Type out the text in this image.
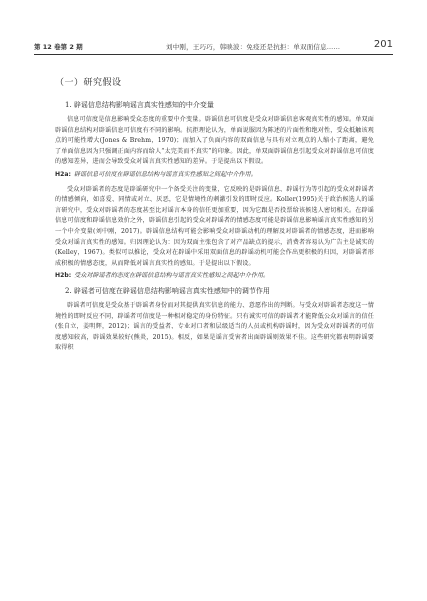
第 12 卷第 2 期	刘中刚，王巧巧，韩映波：免疫还是抗拒：单双面信息……	201
（一）研究假设
1. 辟谣信息结构影响谣言真实性感知的中介变量

信息可信度是信息影响受众态度的重要中介变量。辟谣信息可信度是受众对辟谣信息客观真实性的感知。单双面辟谣信息结构对辟谣信息可信度有不同的影响。抗拒理论认为，单面说服因为陈述的片面性和绝对性，受众抵触该观点的可能性增大(Jones & Brehm，1970)；而加入了负面内容的双面信息与具有对立观点的人缩小了距离，避免了单面信息因为只强调正面内容而给人“太完美而不真实”的印象。因此，单双面辟谣信息引起受众对辟谣信息可信度的感知差异，进而会导致受众对谣言真实性感知的差异。于是提出以下假设。

H2a: 辟谣信息可信度在辟谣信息结构与谣言真实性感知之间起中介作用。

受众对辟谣者的态度是辟谣研究中一个备受关注的变量，它反映的是辟谣信息、辟谣行为等引起的受众对辟谣者的情感倾向，如喜爱、同情或对立、厌恶，它是情境性的刺激引发的即时反应。Koller(1995)关于政治候选人的谣言研究中，受众对辟谣者的态度甚至比对谣言本身的信任更加重要，因为它跟是否投票给该候选人密切相关。在辟谣信息可信度和辟谣信息效价之外，辟谣信息引起的受众对辟谣者的情感态度可能是辟谣信息影响谣言真实性感知的另一个中介变量(刘中刚，2017)。辟谣信息结构可能会影响受众对辟谣动机的理解及对辟谣者的情感态度，进而影响受众对谣言真实性的感知。归因理论认为：因为双面主张包含了对产品缺点的提示，消费者容易认为广告主是诚实的(Kelley，1967)。类似可以推论，受众对在辟谣中采用双面信息的辟谣动机可能会作出更积极的归因，对辟谣者形成积极的情感态度，从而降低对谣言真实性的感知。于是提出以下假设。

H2b: 受众对辟谣者的态度在辟谣信息结构与谣言真实性感知之间起中介作用。
2. 辟谣者可信度在辟谣信息结构影响谣言真实性感知中的调节作用

辟谣者可信度是受众基于辟谣者身份而对其提供真实信息的能力、意愿作出的判断。与受众对辟谣者态度这一情境性的即时反应不同，辟谣者可信度是一种相对稳定的身份特征。只有诚实可信的辟谣者才能降低公众对谣言的信任(张自立，姜明辉，2012)；谣言的受益者、专业对口者和层级适当的人员或机构辟谣时，因为受众对辟谣者的可信度感知较高，辟谣效果较好(熊炎，2015)。相反，如果是谣言受害者出面辟谣则效果不佳。这些研究都表明辟谣要取得积
